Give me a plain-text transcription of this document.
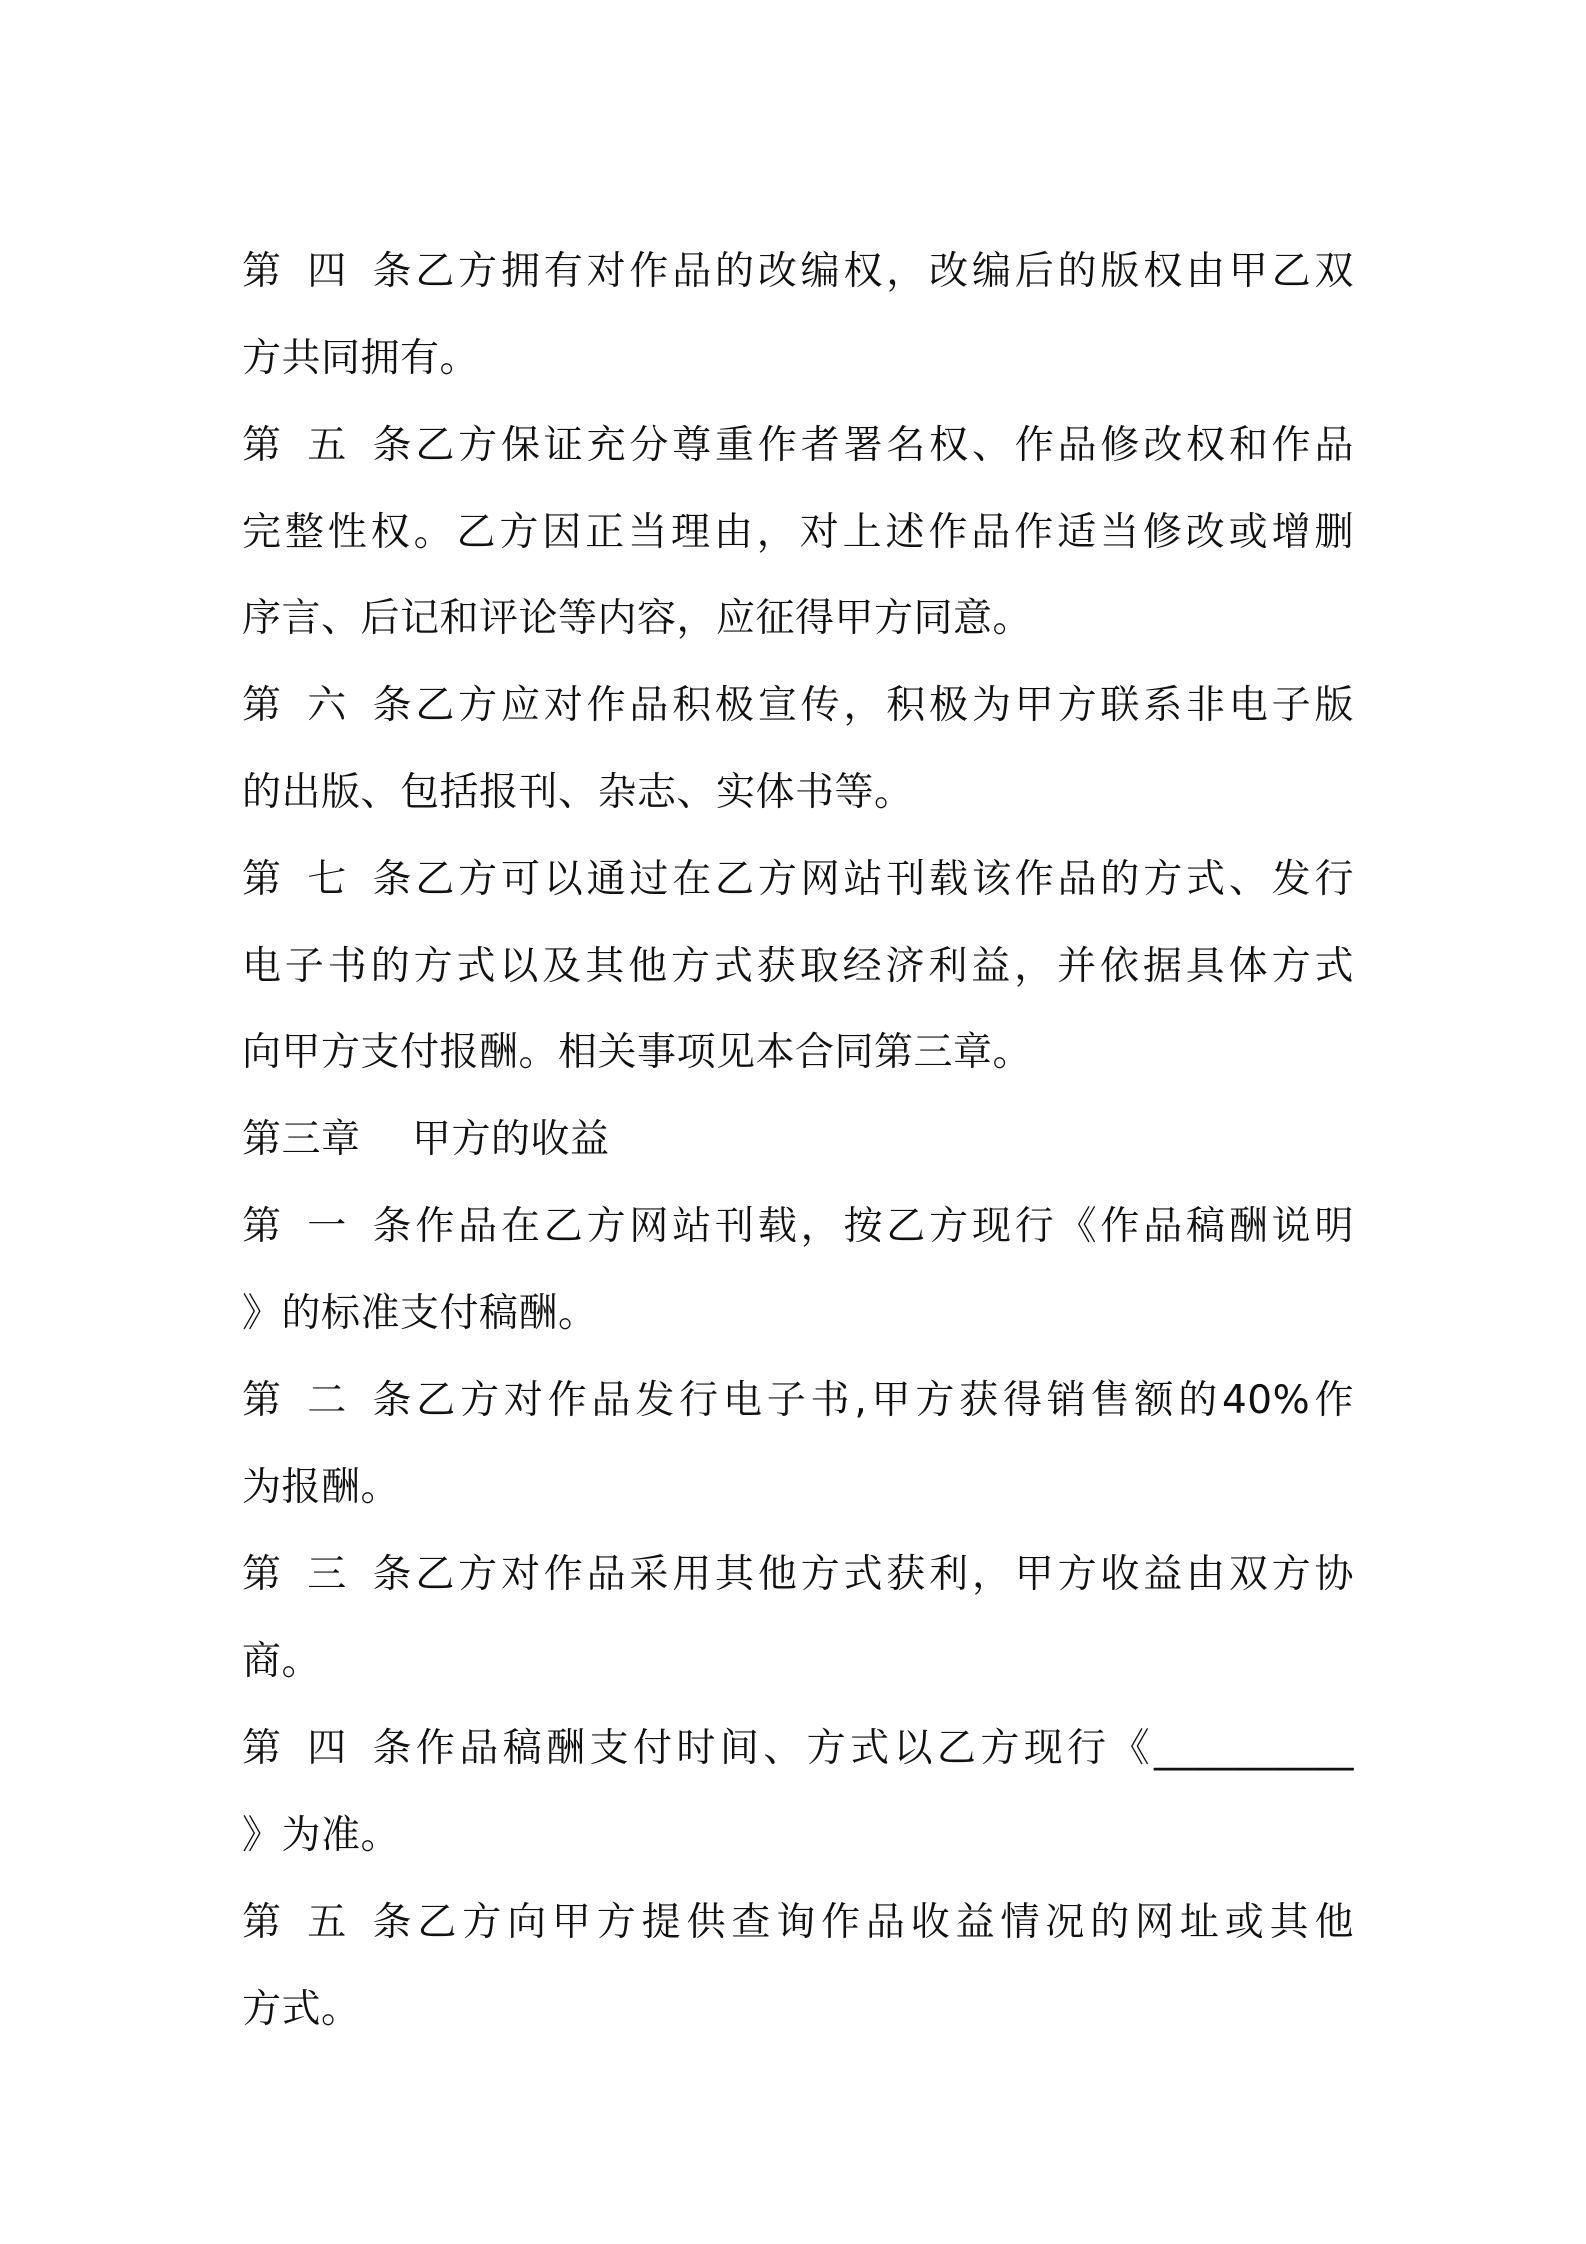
第四条乙方拥有对作品的改编权，改编后的版权由甲乙双
方共同拥有。
第五条乙方保证充分尊重作者署名权、作品修改权和作品
完整性权。乙方因正当理由，对上述作品作适当修改或增删
序言、后记和评论等内容，应征得甲方同意。
第六条乙方应对作品积极宣传，积极为甲方联系非电子版
的出版、包括报刊、杂志、实体书等。
第七条乙方可以通过在乙方网站刊载该作品的方式、发行
电子书的方式以及其他方式获取经济利益，并依据具体方式
向甲方支付报酬。相关事项见本合同第三章。
第三章 甲方的收益
第一条作品在乙方网站刊载，按乙方现行《作品稿酬说明
》的标准支付稿酬。
第二条乙方对作品发行电子书,甲方获得销售额的40%作
为报酬。
第三条乙方对作品采用其他方式获利，甲方收益由双方协
商。
第四条作品稿酬支付时间、方式以乙方现行《__________
》为准。
第五条乙方向甲方提供查询作品收益情况的网址或其他
方式。
